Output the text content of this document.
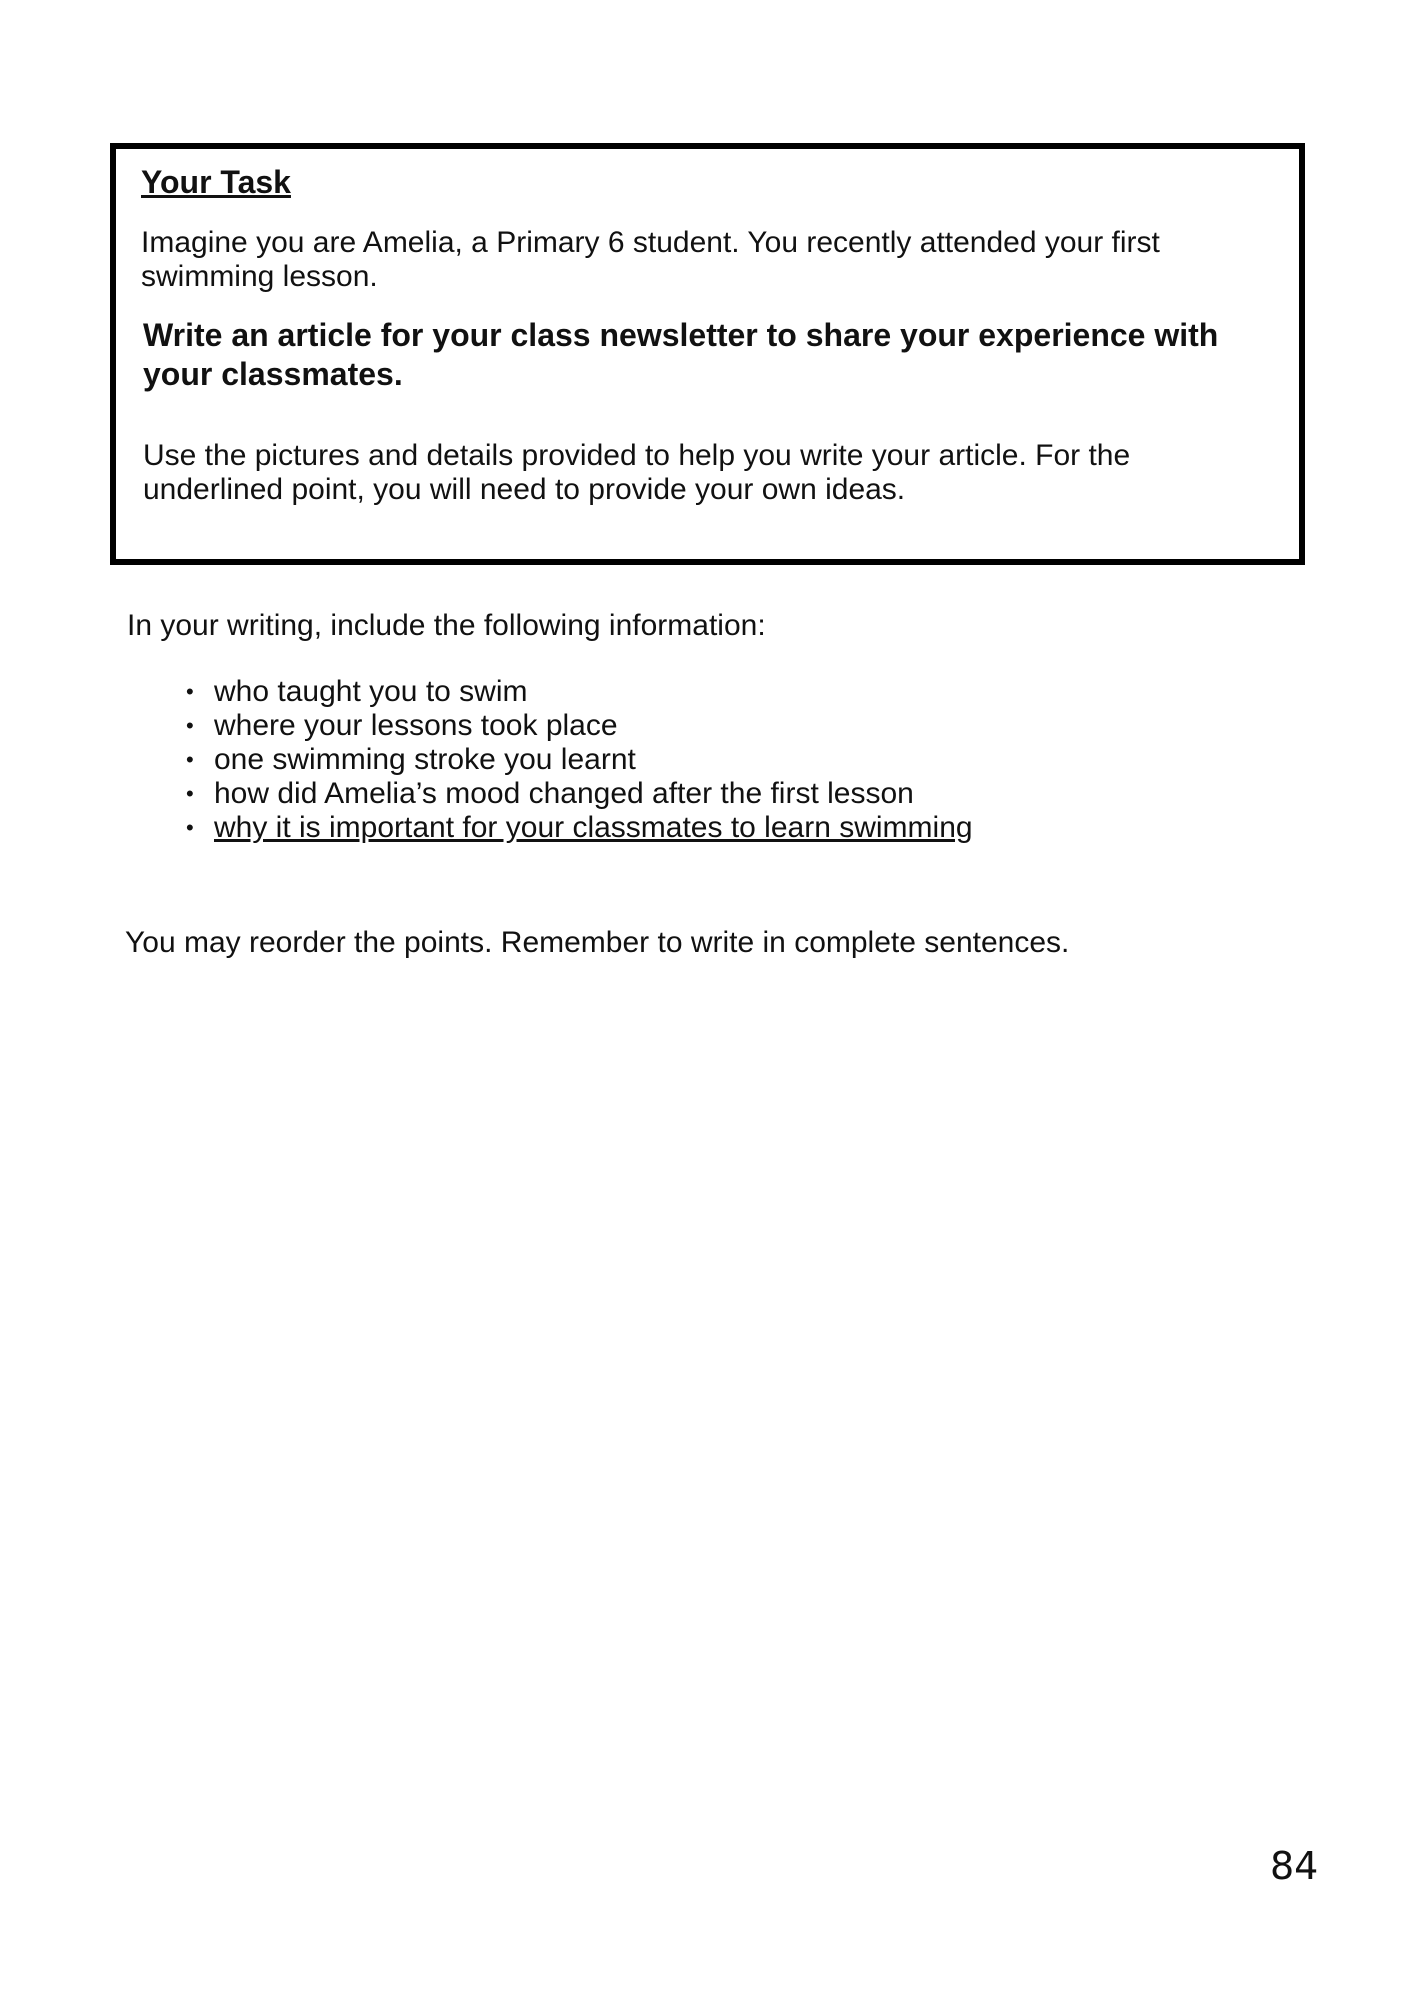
Your Task

Imagine you are Amelia, a Primary 6 student. You recently attended your first swimming lesson.

Write an article for your class newsletter to share your experience with your classmates.

Use the pictures and details provided to help you write your article. For the underlined point, you will need to provide your own ideas.

In your writing, include the following information:

• who taught you to swim
• where your lessons took place
• one swimming stroke you learnt
• how did Amelia’s mood changed after the first lesson
• why it is important for your classmates to learn swimming

You may reorder the points. Remember to write in complete sentences.

84
